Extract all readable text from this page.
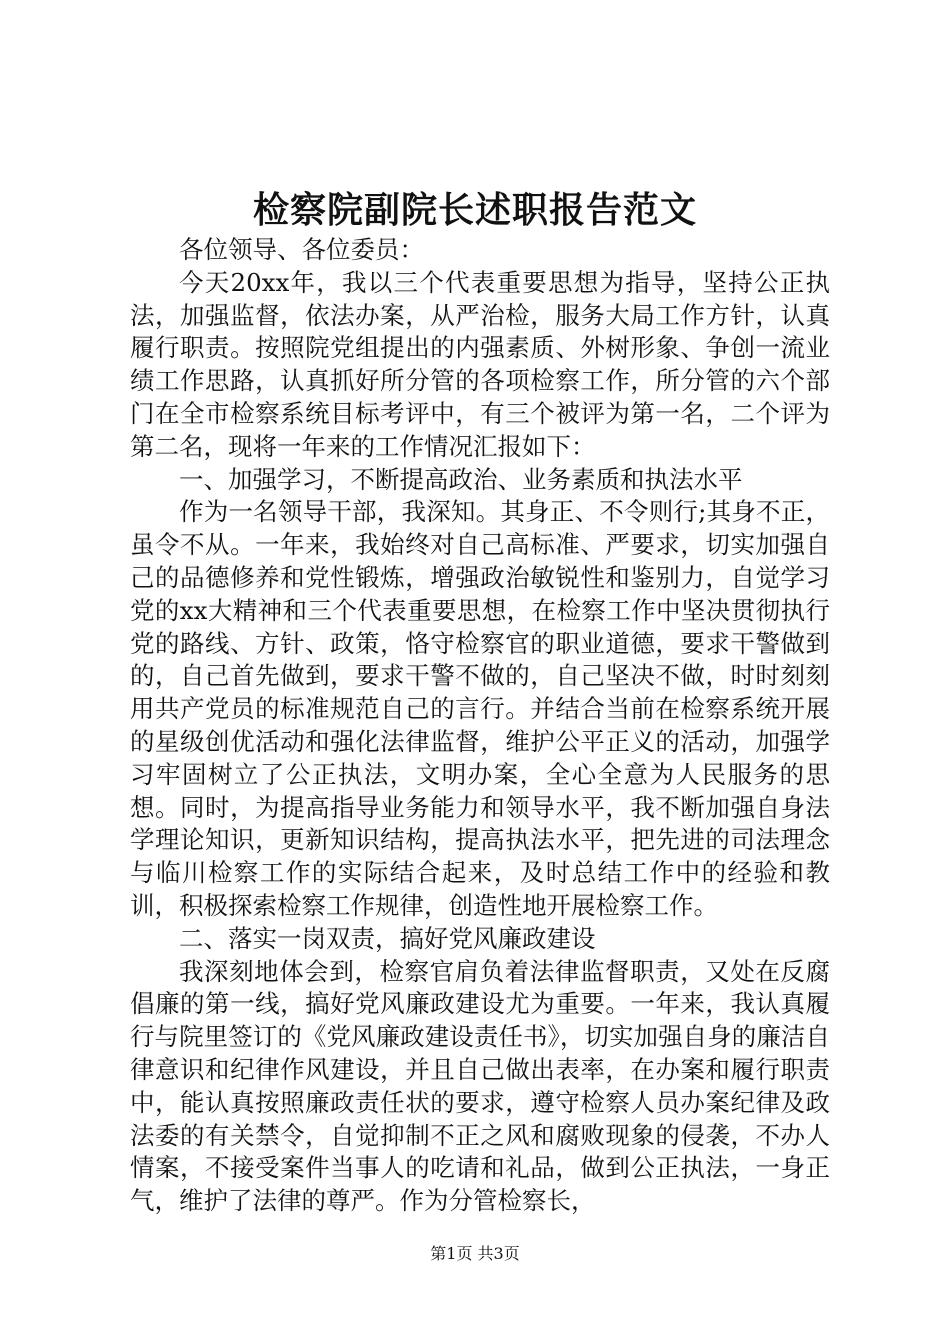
检察院副院长述职报告范文

各位领导、各位委员：

今天20xx年，我以三个代表重要思想为指导，坚持公正执法，加强监督，依法办案，从严治检，服务大局工作方针，认真履行职责。按照院党组提出的内强素质、外树形象、争创一流业绩工作思路，认真抓好所分管的各项检察工作，所分管的六个部门在全市检察系统目标考评中，有三个被评为第一名，二个评为第二名，现将一年来的工作情况汇报如下：

一、加强学习，不断提高政治、业务素质和执法水平

作为一名领导干部，我深知。其身正、不令则行;其身不正，虽令不从。一年来，我始终对自己高标准、严要求，切实加强自己的品德修养和党性锻炼，增强政治敏锐性和鉴别力，自觉学习党的xx大精神和三个代表重要思想，在检察工作中坚决贯彻执行党的路线、方针、政策，恪守检察官的职业道德，要求干警做到的，自己首先做到，要求干警不做的，自己坚决不做，时时刻刻用共产党员的标准规范自己的言行。并结合当前在检察系统开展的星级创优活动和强化法律监督，维护公平正义的活动，加强学习牢固树立了公正执法，文明办案，全心全意为人民服务的思想。同时，为提高指导业务能力和领导水平，我不断加强自身法学理论知识，更新知识结构，提高执法水平，把先进的司法理念与临川检察工作的实际结合起来，及时总结工作中的经验和教训，积极探索检察工作规律，创造性地开展检察工作。

二、落实一岗双责，搞好党风廉政建设

我深刻地体会到，检察官肩负着法律监督职责，又处在反腐倡廉的第一线，搞好党风廉政建设尤为重要。一年来，我认真履行与院里签订的《党风廉政建设责任书》，切实加强自身的廉洁自律意识和纪律作风建设，并且自己做出表率，在办案和履行职责中，能认真按照廉政责任状的要求，遵守检察人员办案纪律及政法委的有关禁令，自觉抑制不正之风和腐败现象的侵袭，不办人情案，不接受案件当事人的吃请和礼品，做到公正执法，一身正气，维护了法律的尊严。作为分管检察长，

第1页 共3页
